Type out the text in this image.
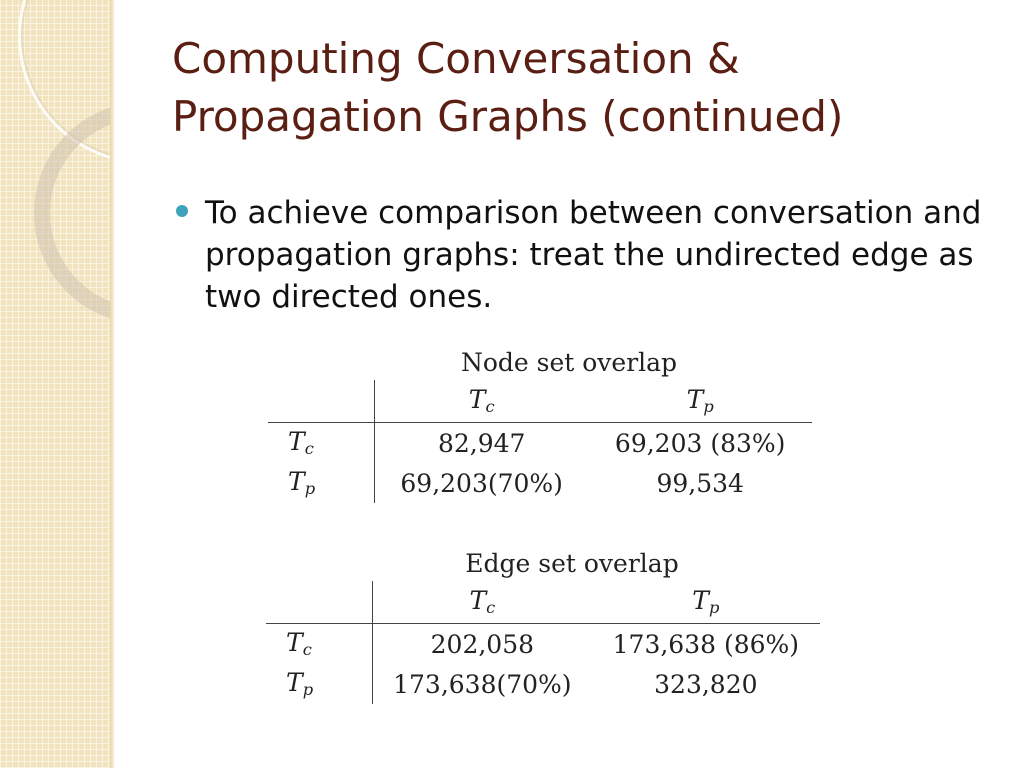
Computing Conversation &
Propagation Graphs (continued)

To achieve comparison between conversation and propagation graphs: treat the undirected edge as two directed ones.

Node set overlap
	$T_c$	$T_p$
$T_c$	82,947	69,203 (83%)
$T_p$	69,203(70%)	99,534
Edge set overlap
	$T_c$	$T_p$
$T_c$	202,058	173,638 (86%)
$T_p$	173,638(70%)	323,820
